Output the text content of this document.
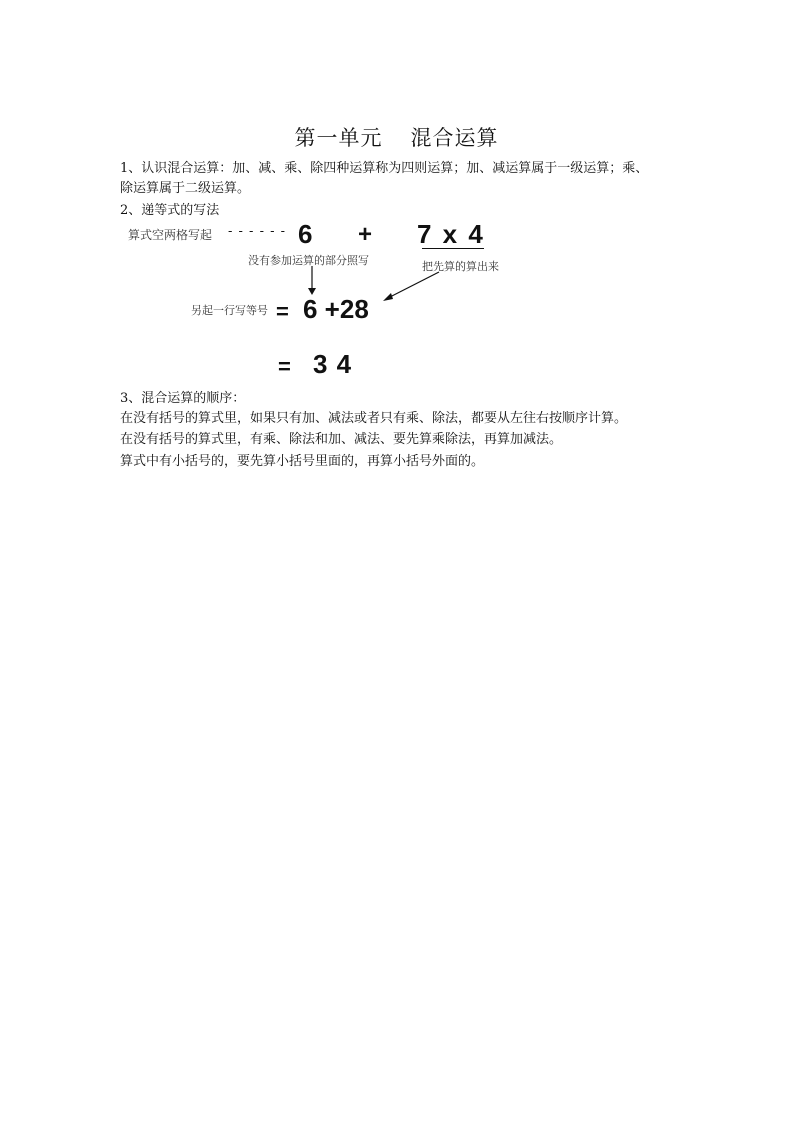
第一单元 混合运算
1、认识混合运算：加、减、乘、除四种运算称为四则运算；加、减运算属于一级运算；乘、
除运算属于二级运算。
2、递等式的写法
算式空两格写起 - - - - - - 6 + 7 x 4
没有参加运算的部分照写	把先算的算出来
另起一行写等号 = 6 +28
= 3 4
3、混合运算的顺序：
在没有括号的算式里，如果只有加、减法或者只有乘、除法，都要从左往右按顺序计算。
在没有括号的算式里，有乘、除法和加、减法、要先算乘除法，再算加减法。
算式中有小括号的，要先算小括号里面的，再算小括号外面的。
